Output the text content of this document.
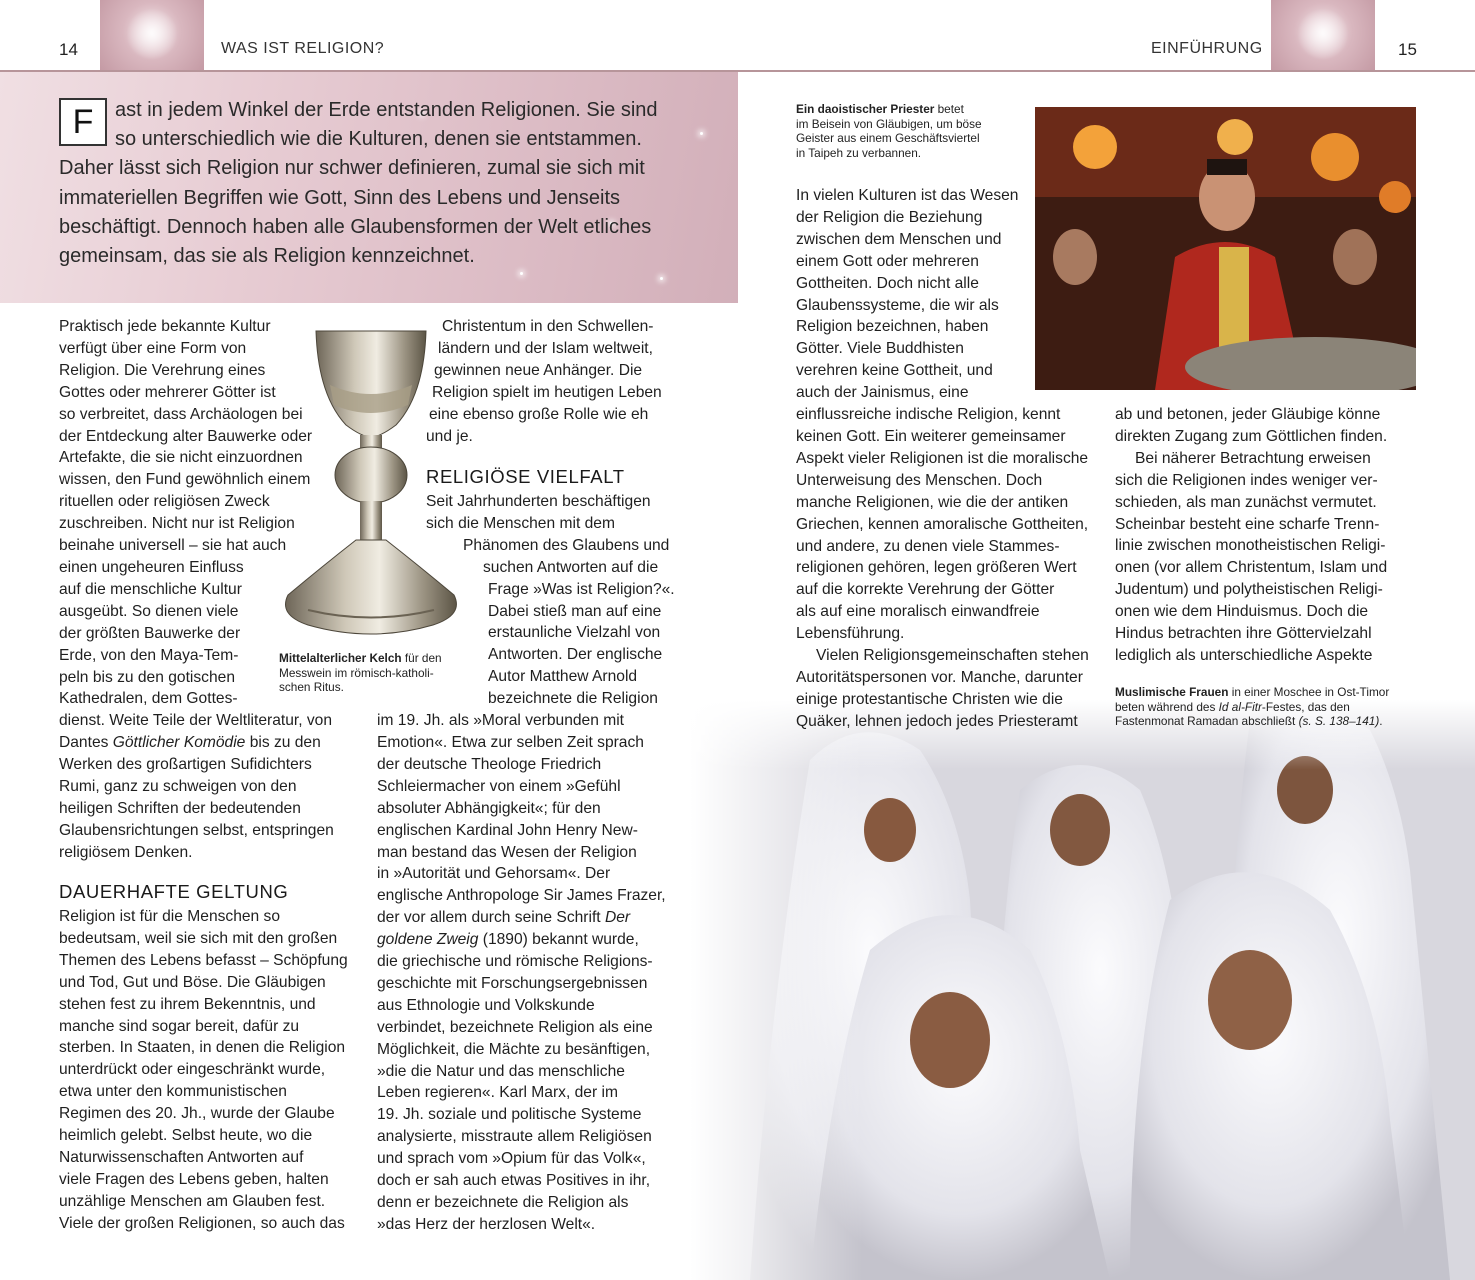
14	WAS IST RELIGION?	EINFÜHRUNG	15
F	ast in jedem Winkel der Erde entstanden Religionen. Sie sind
so unterschiedlich wie die Kulturen, denen sie entstammen.
Daher lässt sich Religion nur schwer definieren, zumal sie sich mit
immateriellen Begriffen wie Gott, Sinn des Lebens und Jenseits
beschäftigt. Dennoch haben alle Glaubensformen der Welt etliches
gemeinsam, das sie als Religion kennzeichnet.
Mittelalterlicher Kelch für den
Messwein im römisch-katholi-
schen Ritus.
Praktisch jede bekannte Kultur
verfügt über eine Form von
Religion. Die Verehrung eines
Gottes oder mehrerer Götter ist
so verbreitet, dass Archäologen bei
der Entdeckung alter Bauwerke oder
Artefakte, die sie nicht einzuordnen
wissen, den Fund gewöhnlich einem
rituellen oder religiösen Zweck
zuschreiben. Nicht nur ist Religion
beinahe universell – sie hat auch
einen ungeheuren Einfluss
auf die menschliche Kultur
ausgeübt. So dienen viele
der größten Bauwerke der
Erde, von den Maya-Tem-
peln bis zu den gotischen
Kathedralen, dem Gottes-
dienst. Weite Teile der Weltliteratur, von
Dantes Göttlicher Komödie bis zu den
Werken des großartigen Sufidichters
Rumi, ganz zu schweigen von den
heiligen Schriften der bedeutenden
Glaubensrichtungen selbst, entspringen
religiösem Denken.
DAUERHAFTE GELTUNG
Religion ist für die Menschen so
bedeutsam, weil sie sich mit den großen
Themen des Lebens befasst – Schöpfung
und Tod, Gut und Böse. Die Gläubigen
stehen fest zu ihrem Bekenntnis, und
manche sind sogar bereit, dafür zu
sterben. In Staaten, in denen die Religion
unterdrückt oder eingeschränkt wurde,
etwa unter den kommunistischen
Regimen des 20. Jh., wurde der Glaube
heimlich gelebt. Selbst heute, wo die
Naturwissenschaften Antworten auf
viele Fragen des Lebens geben, halten
unzählige Menschen am Glauben fest.
Viele der großen Religionen, so auch das
Christentum in den Schwellen-
ländern und der Islam weltweit,
gewinnen neue Anhänger. Die
Religion spielt im heutigen Leben
eine ebenso große Rolle wie eh
und je.
RELIGIÖSE VIELFALT
Seit Jahrhunderten beschäftigen
sich die Menschen mit dem
Phänomen des Glaubens und
suchen Antworten auf die
Frage »Was ist Religion?«.
Dabei stieß man auf eine
erstaunliche Vielzahl von
Antworten. Der englische
Autor Matthew Arnold
bezeichnete die Religion
im 19. Jh. als »Moral verbunden mit
Emotion«. Etwa zur selben Zeit sprach
der deutsche Theologe Friedrich
Schleiermacher von einem »Gefühl
absoluter Abhängigkeit«; für den
englischen Kardinal John Henry New-
man bestand das Wesen der Religion
in »Autorität und Gehorsam«. Der
englische Anthropologe Sir James Frazer,
der vor allem durch seine Schrift Der
goldene Zweig (1890) bekannt wurde,
die griechische und römische Religions-
geschichte mit Forschungsergebnissen
aus Ethnologie und Volkskunde
verbindet, bezeichnete Religion als eine
Möglichkeit, die Mächte zu besänftigen,
»die die Natur und das menschliche
Leben regieren«. Karl Marx, der im
19. Jh. soziale und politische Systeme
analysierte, misstraute allem Religiösen
und sprach vom »Opium für das Volk«,
doch er sah auch etwas Positives in ihr,
denn er bezeichnete die Religion als
»das Herz der herzlosen Welt«.
Ein daoistischer Priester betet
im Beisein von Gläubigen, um böse
Geister aus einem Geschäftsviertel
in Taipeh zu verbannen.
In vielen Kulturen ist das Wesen
der Religion die Beziehung
zwischen dem Menschen und
einem Gott oder mehreren
Gottheiten. Doch nicht alle
Glaubenssysteme, die wir als
Religion bezeichnen, haben
Götter. Viele Buddhisten
verehren keine Gottheit, und
auch der Jainismus, eine
einflussreiche indische Religion, kennt
keinen Gott. Ein weiterer gemeinsamer
Aspekt vieler Religionen ist die moralische
Unterweisung des Menschen. Doch
manche Religionen, wie die der antiken
Griechen, kennen amoralische Gottheiten,
und andere, zu denen viele Stammes-
religionen gehören, legen größeren Wert
auf die korrekte Verehrung der Götter
als auf eine moralisch einwandfreie
Lebensführung.
Vielen Religionsgemeinschaften stehen
Autoritätspersonen vor. Manche, darunter
einige protestantische Christen wie die
Quäker, lehnen jedoch jedes Priesteramt
ab und betonen, jeder Gläubige könne
direkten Zugang zum Göttlichen finden.
Bei näherer Betrachtung erweisen
sich die Religionen indes weniger ver-
schieden, als man zunächst vermutet.
Scheinbar besteht eine scharfe Trenn-
linie zwischen monotheistischen Religi-
onen (vor allem Christentum, Islam und
Judentum) und polytheistischen Religi-
onen wie dem Hinduismus. Doch die
Hindus betrachten ihre Göttervielzahl
lediglich als unterschiedliche Aspekte
Muslimische Frauen in einer Moschee in Ost-Timor
beten während des Id al-Fitr-Festes, das den
Fastenmonat Ramadan abschließt (s. S. 138–141).
